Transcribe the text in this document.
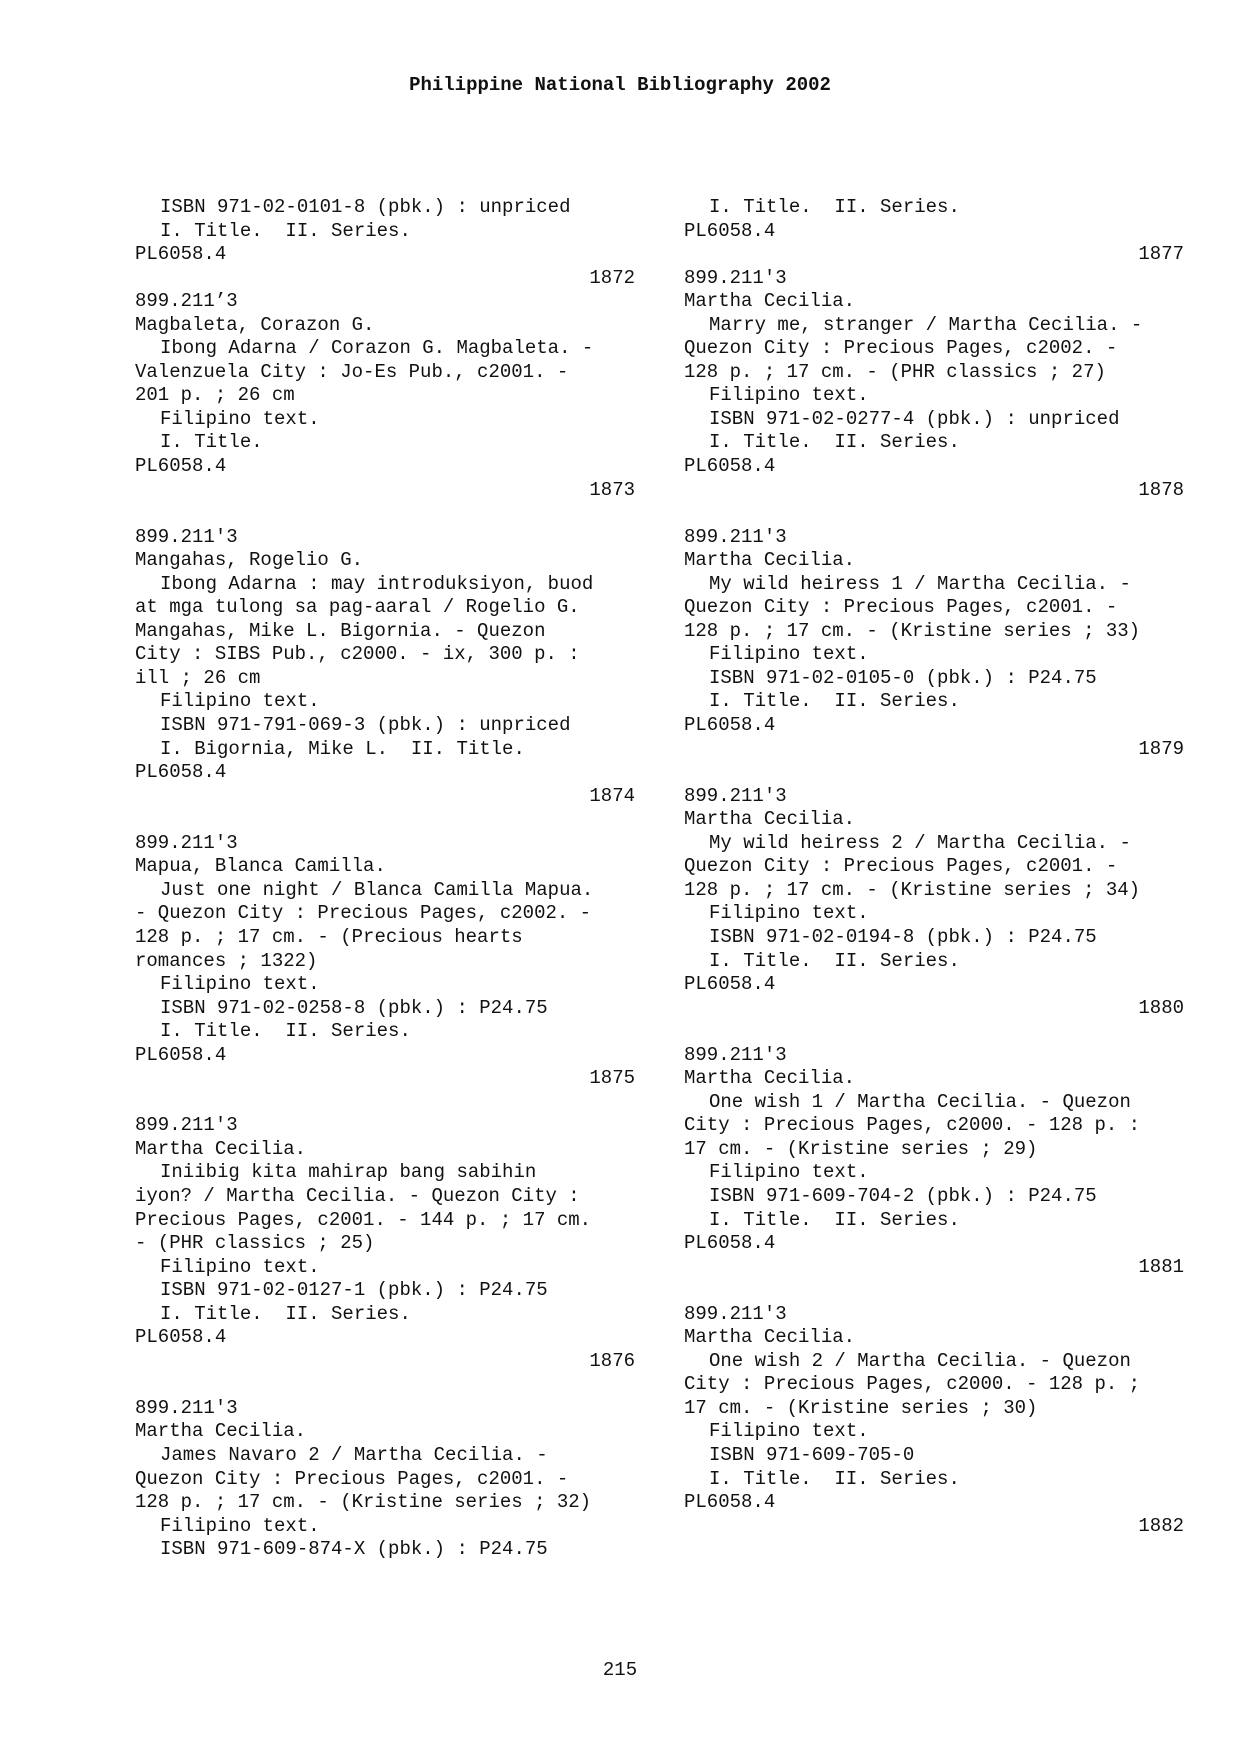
Philippine National Bibliography 2002
ISBN 971-02-0101-8 (pbk.) : unpriced
I. Title.  II. Series.
PL6058.4
1872
899.211’3
Magbaleta, Corazon G.
Ibong Adarna / Corazon G. Magbaleta. -
Valenzuela City : Jo-Es Pub., c2001. -
201 p. ; 26 cm
Filipino text.
I. Title.
PL6058.4
1873
899.211'3
Mangahas, Rogelio G.
Ibong Adarna : may introduksiyon, buod
at mga tulong sa pag-aaral / Rogelio G.
Mangahas, Mike L. Bigornia. - Quezon
City : SIBS Pub., c2000. - ix, 300 p. :
ill ; 26 cm
Filipino text.
ISBN 971-791-069-3 (pbk.) : unpriced
I. Bigornia, Mike L.  II. Title.
PL6058.4
1874
899.211'3
Mapua, Blanca Camilla.
Just one night / Blanca Camilla Mapua.
- Quezon City : Precious Pages, c2002. -
128 p. ; 17 cm. - (Precious hearts
romances ; 1322)
Filipino text.
ISBN 971-02-0258-8 (pbk.) : P24.75
I. Title.  II. Series.
PL6058.4
1875
899.211'3
Martha Cecilia.
Iniibig kita mahirap bang sabihin
iyon? / Martha Cecilia. - Quezon City :
Precious Pages, c2001. - 144 p. ; 17 cm.
- (PHR classics ; 25)
Filipino text.
ISBN 971-02-0127-1 (pbk.) : P24.75
I. Title.  II. Series.
PL6058.4
1876
899.211'3
Martha Cecilia.
James Navaro 2 / Martha Cecilia. -
Quezon City : Precious Pages, c2001. -
128 p. ; 17 cm. - (Kristine series ; 32)
Filipino text.
ISBN 971-609-874-X (pbk.) : P24.75
I. Title.  II. Series.
PL6058.4
1877
899.211'3
Martha Cecilia.
Marry me, stranger / Martha Cecilia. -
Quezon City : Precious Pages, c2002. -
128 p. ; 17 cm. - (PHR classics ; 27)
Filipino text.
ISBN 971-02-0277-4 (pbk.) : unpriced
I. Title.  II. Series.
PL6058.4
1878
899.211'3
Martha Cecilia.
My wild heiress 1 / Martha Cecilia. -
Quezon City : Precious Pages, c2001. -
128 p. ; 17 cm. - (Kristine series ; 33)
Filipino text.
ISBN 971-02-0105-0 (pbk.) : P24.75
I. Title.  II. Series.
PL6058.4
1879
899.211'3
Martha Cecilia.
My wild heiress 2 / Martha Cecilia. -
Quezon City : Precious Pages, c2001. -
128 p. ; 17 cm. - (Kristine series ; 34)
Filipino text.
ISBN 971-02-0194-8 (pbk.) : P24.75
I. Title.  II. Series.
PL6058.4
1880
899.211'3
Martha Cecilia.
One wish 1 / Martha Cecilia. - Quezon
City : Precious Pages, c2000. - 128 p. :
17 cm. - (Kristine series ; 29)
Filipino text.
ISBN 971-609-704-2 (pbk.) : P24.75
I. Title.  II. Series.
PL6058.4
1881
899.211'3
Martha Cecilia.
One wish 2 / Martha Cecilia. - Quezon
City : Precious Pages, c2000. - 128 p. ;
17 cm. - (Kristine series ; 30)
Filipino text.
ISBN 971-609-705-0
I. Title.  II. Series.
PL6058.4
1882
215
